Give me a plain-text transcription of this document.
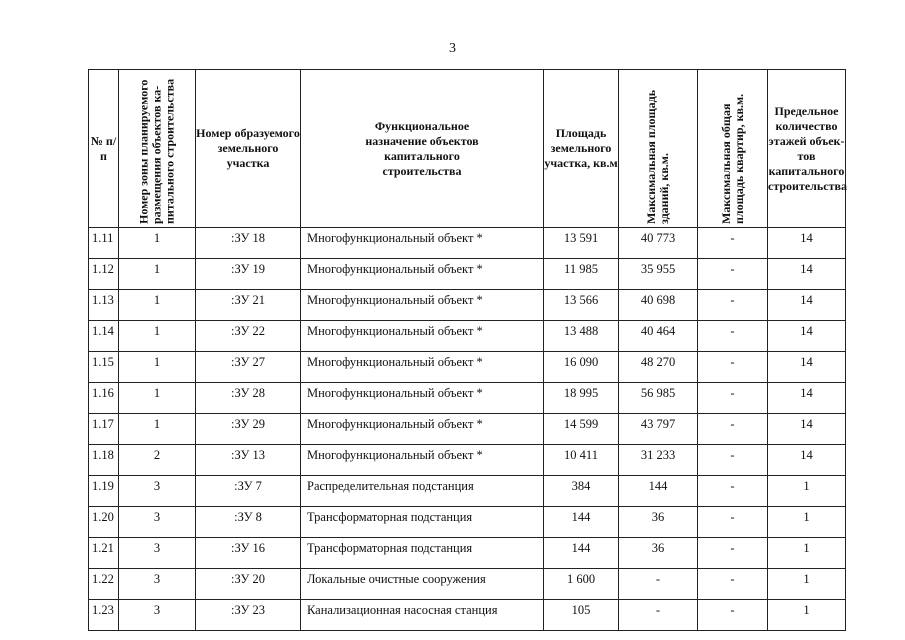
3
№ п/п	Номер зоны планируемого размещения объектов капитального строительства	Номер образуемого земельного участка	Функциональное назначение объектов капитального строительства	Площадь земельного участка, кв.м	Максимальная площадь зданий, кв.м.	Максимальная общая площадь квартир, кв.м.	Предельное количество этажей объектов капитального строительства
1.11	1	:ЗУ 18	Многофункциональный объект *	13 591	40 773	-	14
1.12	1	:ЗУ 19	Многофункциональный объект *	11 985	35 955	-	14
1.13	1	:ЗУ 21	Многофункциональный объект *	13 566	40 698	-	14
1.14	1	:ЗУ 22	Многофункциональный объект *	13 488	40 464	-	14
1.15	1	:ЗУ 27	Многофункциональный объект *	16 090	48 270	-	14
1.16	1	:ЗУ 28	Многофункциональный объект *	18 995	56 985	-	14
1.17	1	:ЗУ 29	Многофункциональный объект *	14 599	43 797	-	14
1.18	2	:ЗУ 13	Многофункциональный объект *	10 411	31 233	-	14
1.19	3	:ЗУ 7	Распределительная подстанция	384	144	-	1
1.20	3	:ЗУ 8	Трансформаторная подстанция	144	36	-	1
1.21	3	:ЗУ 16	Трансформаторная подстанция	144	36	-	1
1.22	3	:ЗУ 20	Локальные очистные сооружения	1 600	-	-	1
1.23	3	:ЗУ 23	Канализационная насосная станция	105	-	-	1
